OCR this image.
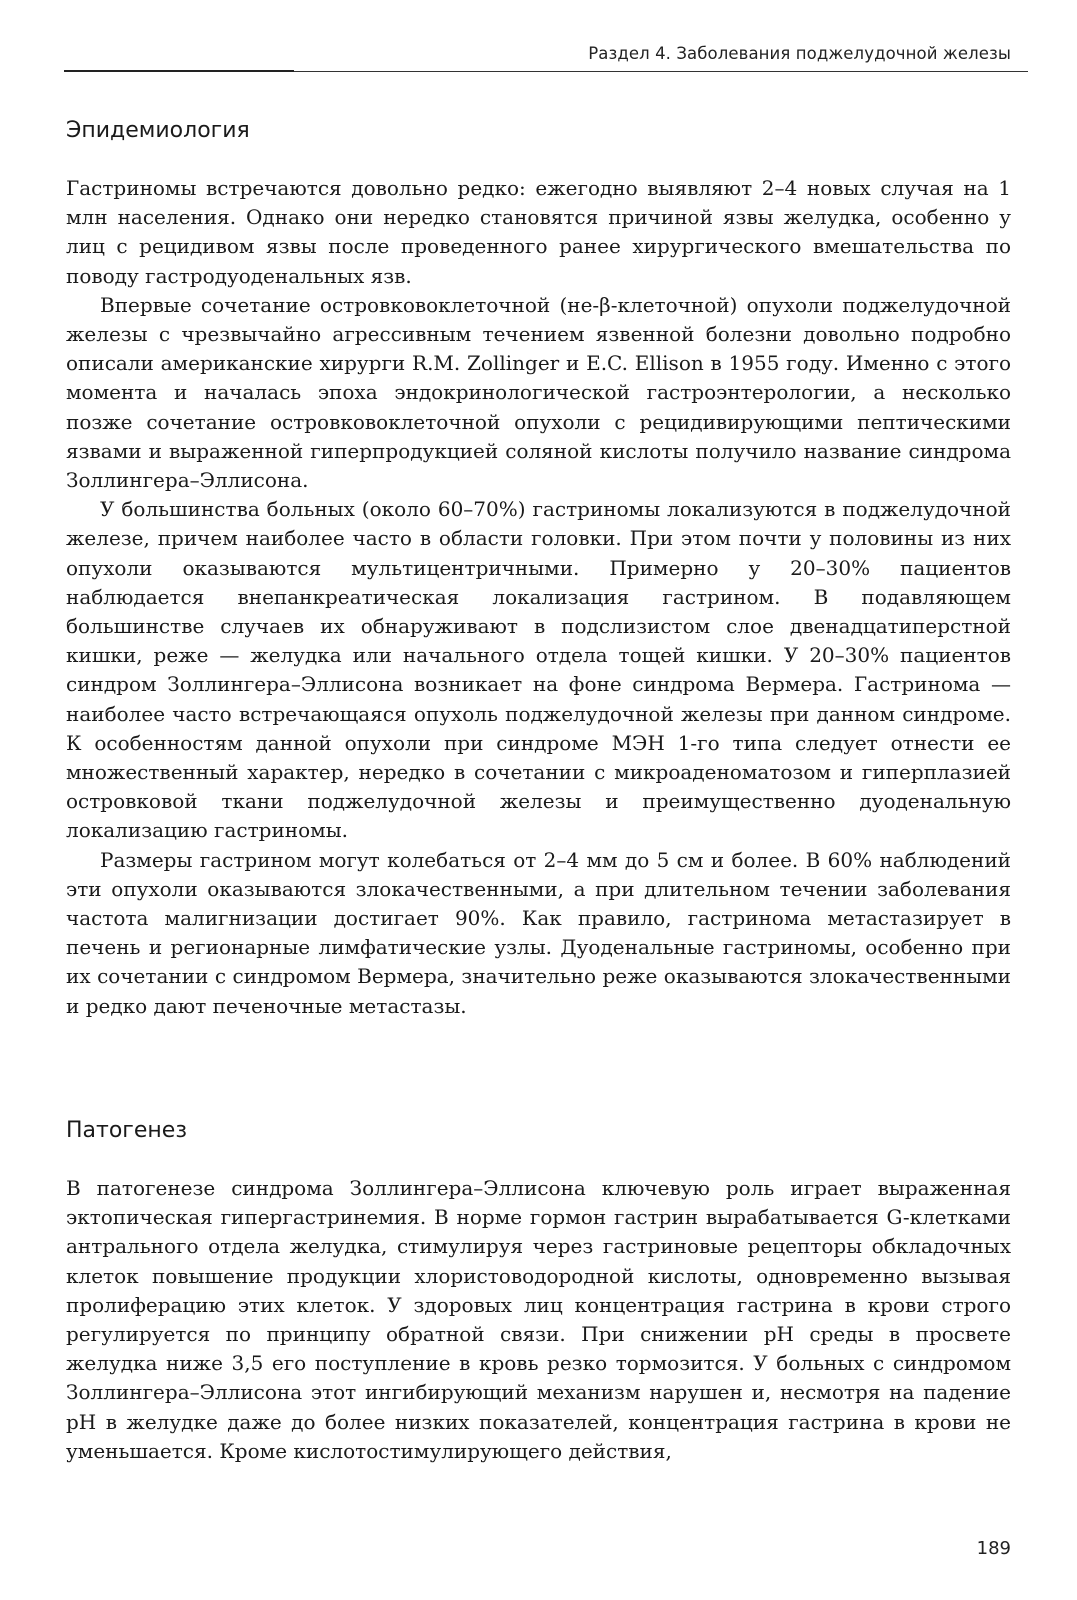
Раздел 4. Заболевания поджелудочной железы
Эпидемиология

Гастриномы встречаются довольно редко: ежегодно выявляют 2–4 новых случая на 1 млн населения. Однако они нередко становятся причиной язвы желудка, особенно у лиц с рецидивом язвы после проведенного ранее хирургического вмешательства по поводу гастродуоденальных язв.

Впервые сочетание островковоклеточной (не-β-клеточной) опухоли поджелудочной железы с чрезвычайно агрессивным течением язвенной болезни довольно подробно описали американские хирурги R.M. Zollinger и E.C. Ellison в 1955 году. Именно с этого момента и началась эпоха эндокринологической гастроэнтерологии, а несколько позже сочетание островковоклеточной опухоли с рецидивирующими пептическими язвами и выраженной гиперпродукцией соляной кислоты получило название синдрома Золлингера–Эллисона.

У большинства больных (около 60–70%) гастриномы локализуются в поджелудочной железе, причем наиболее часто в области головки. При этом почти у половины из них опухоли оказываются мультицентричными. Примерно у 20–30% пациентов наблюдается внепанкреатическая локализация гастрином. В подавляющем большинстве случаев их обнаруживают в подслизистом слое двенадцатиперстной кишки, реже — желудка или начального отдела тощей кишки. У 20–30% пациентов синдром Золлингера–Эллисона возникает на фоне синдрома Вермера. Гастринома — наиболее часто встречающаяся опухоль поджелудочной железы при данном синдроме. К особенностям данной опухоли при синдроме МЭН 1-го типа следует отнести ее множественный характер, нередко в сочетании с микроаденоматозом и гиперплазией островковой ткани поджелудочной железы и преимущественно дуоденальную локализацию гастриномы.

Размеры гастрином могут колебаться от 2–4 мм до 5 см и более. В 60% наблюдений эти опухоли оказываются злокачественными, а при длительном течении заболевания частота малигнизации достигает 90%. Как правило, гастринома метастазирует в печень и регионарные лимфатические узлы. Дуоденальные гастриномы, особенно при их сочетании с синдромом Вермера, значительно реже оказываются злокачественными и редко дают печеночные метастазы.

Патогенез

В патогенезе синдрома Золлингера–Эллисона ключевую роль играет выраженная эктопическая гипергастринемия. В норме гормон гастрин вырабатывается G-клетками антрального отдела желудка, стимулируя через гастриновые рецепторы обкладочных клеток повышение продукции хлористоводородной кислоты, одновременно вызывая пролиферацию этих клеток. У здоровых лиц концентрация гастрина в крови строго регулируется по принципу обратной связи. При снижении pH среды в просвете желудка ниже 3,5 его поступление в кровь резко тормозится. У больных с синдромом Золлингера–Эллисона этот ингибирующий механизм нарушен и, несмотря на падение pH в желудке даже до более низких показателей, концентрация гастрина в крови не уменьшается. Кроме кислотостимулирующего действия,

189
